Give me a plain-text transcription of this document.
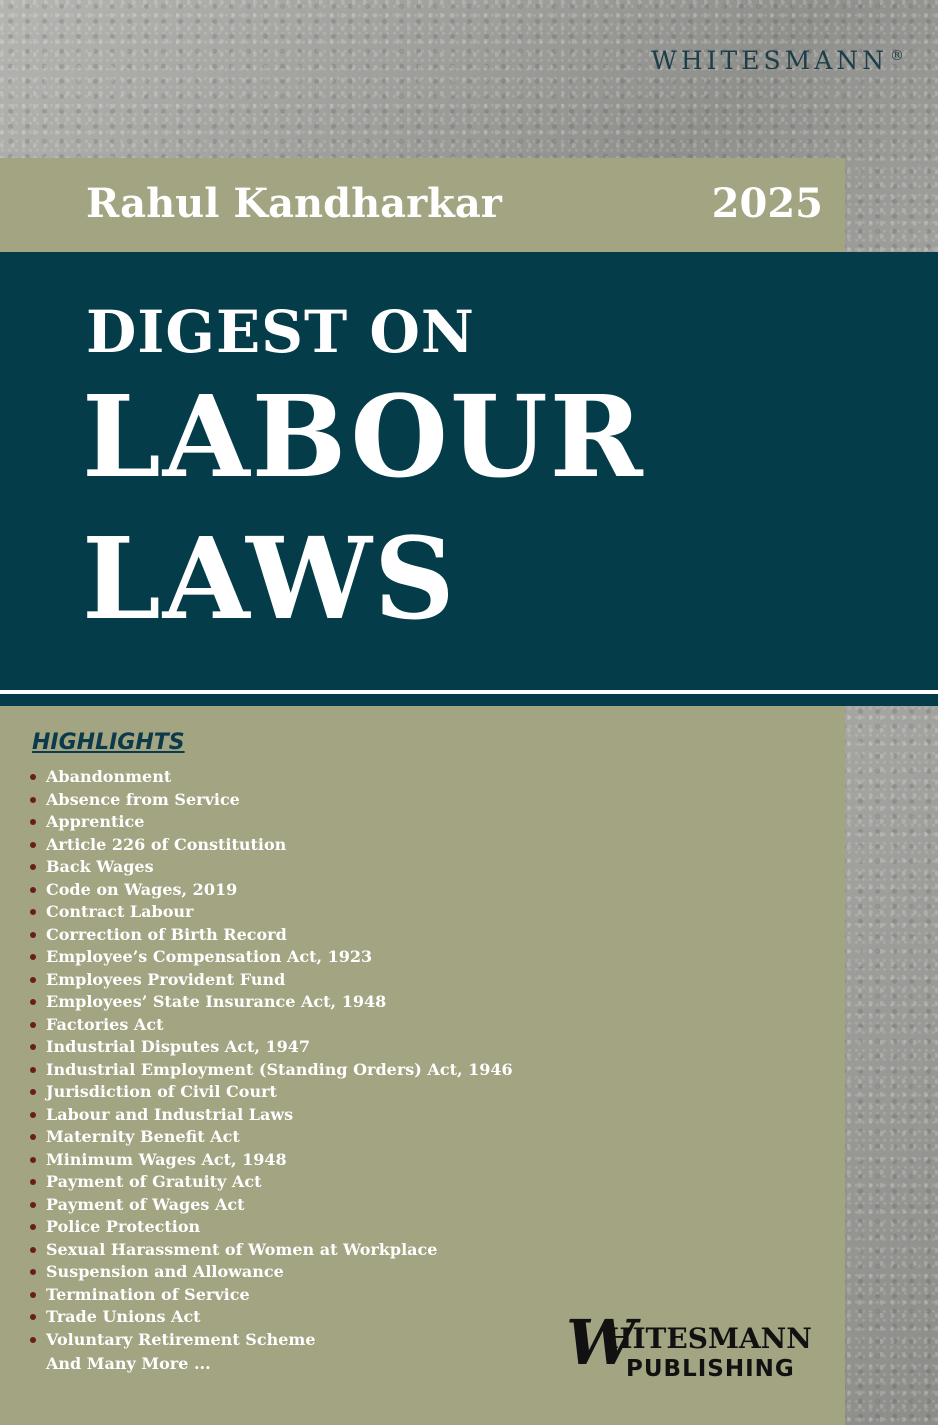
WHITESMANN ®
Rahul Kandharkar	2025
DIGEST ON
LABOUR
LAWS
HIGHLIGHTS
Abandonment
Absence from Service
Apprentice
Article 226 of Constitution
Back Wages
Code on Wages, 2019
Contract Labour
Correction of Birth Record
Employee’s Compensation Act, 1923
Employees Provident Fund
Employees’ State Insurance Act, 1948
Factories Act
Industrial Disputes Act, 1947
Industrial Employment (Standing Orders) Act, 1946
Jurisdiction of Civil Court
Labour and Industrial Laws
Maternity Benefit Act
Minimum Wages Act, 1948
Payment of Gratuity Act
Payment of Wages Act
Police Protection
Sexual Harassment of Women at Workplace
Suspension and Allowance
Termination of Service
Trade Unions Act
Voluntary Retirement Scheme
And Many More ...	W
HITESMANN
PUBLISHING
